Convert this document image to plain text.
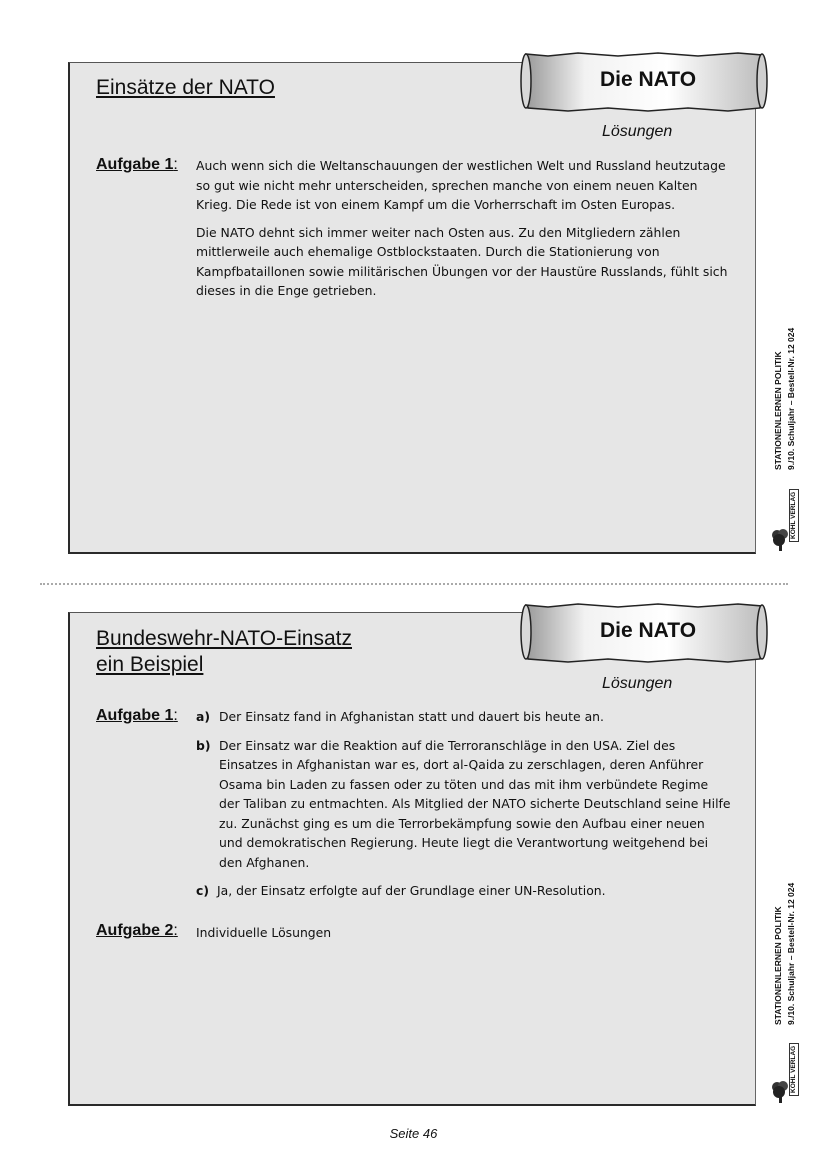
Einsätze der NATO
Lösungen
Aufgabe 1: Auch wenn sich die Weltanschauungen der westlichen Welt und Russland heutzutage so gut wie nicht mehr unterscheiden, sprechen manche von einem neuen Kalten Krieg. Die Rede ist von einem Kampf um die Vorherrschaft im Osten Europas.

Die NATO dehnt sich immer weiter nach Osten aus. Zu den Mitgliedern zählen mittlerweile auch ehemalige Ostblockstaaten. Durch die Stationierung von Kampfbataillonen sowie militärischen Übungen vor der Haustüre Russlands, fühlt sich dieses in die Enge getrieben.

Die NATO
STATIONENLERNEN POLITIK 9./10. Schuljahr – Bestell-Nr. 12 024
KOHL VERLAG
Bundeswehr-NATO-Einsatz
ein Beispiel
Lösungen
Aufgabe 1: a) Der Einsatz fand in Afghanistan statt und dauert bis heute an.
b) Der Einsatz war die Reaktion auf die Terroranschläge in den USA. Ziel des Einsatzes in Afghanistan war es, dort al-Qaida zu zerschlagen, deren Anführer Osama bin Laden zu fassen oder zu töten und das mit ihm verbündete Regime der Taliban zu entmachten. Als Mitglied der NATO sicherte Deutschland seine Hilfe zu. Zunächst ging es um die Terrorbekämpfung sowie den Aufbau einer neuen und demokratischen Regierung. Heute liegt die Verantwortung weitgehend bei den Afghanen.
c) Ja, der Einsatz erfolgte auf der Grundlage einer UN-Resolution.
Aufgabe 2: Individuelle Lösungen
Die NATO
STATIONENLERNEN POLITIK 9./10. Schuljahr – Bestell-Nr. 12 024
KOHL VERLAG
Seite 46
